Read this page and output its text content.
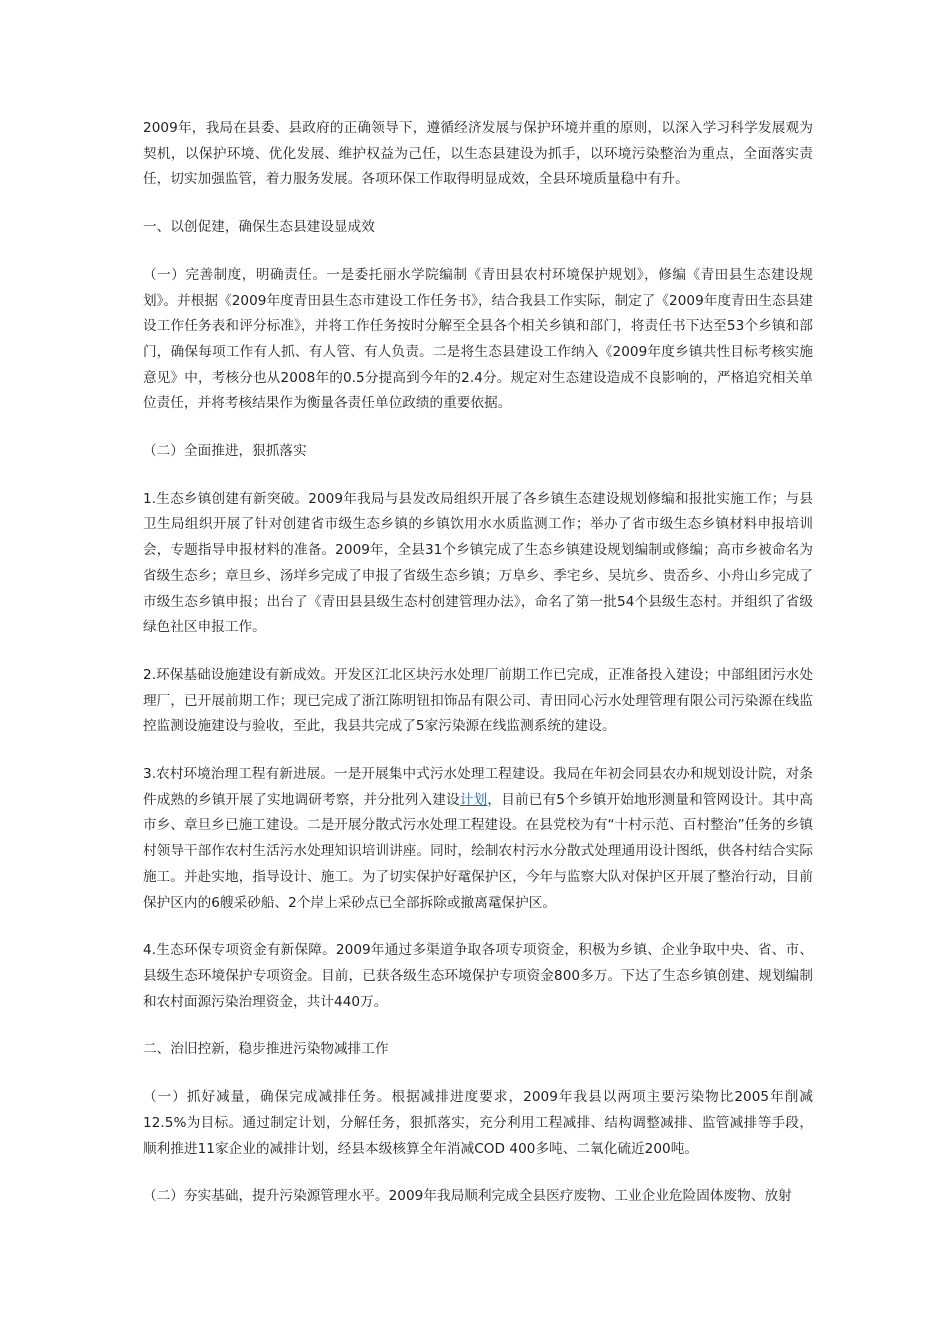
2009年，我局在县委、县政府的正确领导下，遵循经济发展与保护环境并重的原则，以深入学习科学发展观为契机，以保护环境、优化发展、维护权益为己任，以生态县建设为抓手，以环境污染整治为重点，全面落实责任，切实加强监管，着力服务发展。各项环保工作取得明显成效，全县环境质量稳中有升。

一、以创促建，确保生态县建设显成效

（一）完善制度，明确责任。一是委托丽水学院编制《青田县农村环境保护规划》，修编《青田县生态建设规划》。并根据《2009年度青田县生态市建设工作任务书》，结合我县工作实际，制定了《2009年度青田生态县建设工作任务表和评分标准》，并将工作任务按时分解至全县各个相关乡镇和部门，将责任书下达至53个乡镇和部门，确保每项工作有人抓、有人管、有人负责。二是将生态县建设工作纳入《2009年度乡镇共性目标考核实施意见》中，考核分也从2008年的0.5分提高到今年的2.4分。规定对生态建设造成不良影响的，严格追究相关单位责任，并将考核结果作为衡量各责任单位政绩的重要依据。

（二）全面推进，狠抓落实

1.生态乡镇创建有新突破。2009年我局与县发改局组织开展了各乡镇生态建设规划修编和报批实施工作；与县卫生局组织开展了针对创建省市级生态乡镇的乡镇饮用水水质监测工作；举办了省市级生态乡镇材料申报培训会，专题指导申报材料的准备。2009年，全县31个乡镇完成了生态乡镇建设规划编制或修编；高市乡被命名为省级生态乡；章旦乡、汤垟乡完成了申报了省级生态乡镇；万阜乡、季宅乡、吴坑乡、贵岙乡、小舟山乡完成了市级生态乡镇申报；出台了《青田县县级生态村创建管理办法》，命名了第一批54个县级生态村。并组织了省级绿色社区申报工作。

2.环保基础设施建设有新成效。开发区江北区块污水处理厂前期工作已完成，正准备投入建设；中部组团污水处理厂，已开展前期工作；现已完成了浙江陈明钮扣饰品有限公司、青田同心污水处理管理有限公司污染源在线监控监测设施建设与验收，至此，我县共完成了5家污染源在线监测系统的建设。

3.农村环境治理工程有新进展。一是开展集中式污水处理工程建设。我局在年初会同县农办和规划设计院，对条件成熟的乡镇开展了实地调研考察，并分批列入建设计划，目前已有5个乡镇开始地形测量和管网设计。其中高市乡、章旦乡已施工建设。二是开展分散式污水处理工程建设。在县党校为有“十村示范、百村整治”任务的乡镇村领导干部作农村生活污水处理知识培训讲座。同时，绘制农村污水分散式处理通用设计图纸，供各村结合实际施工。并赴实地，指导设计、施工。为了切实保护好鼋保护区，今年与监察大队对保护区开展了整治行动，目前保护区内的6艘采砂船、2个岸上采砂点已全部拆除或撤离鼋保护区。

4.生态环保专项资金有新保障。2009年通过多渠道争取各项专项资金，积极为乡镇、企业争取中央、省、市、县级生态环境保护专项资金。目前，已获各级生态环境保护专项资金800多万。下达了生态乡镇创建、规划编制和农村面源污染治理资金，共计440万。

二、治旧控新，稳步推进污染物减排工作

（一）抓好减量，确保完成减排任务。根据减排进度要求，2009年我县以两项主要污染物比2005年削减12.5%为目标。通过制定计划，分解任务，狠抓落实，充分利用工程减排、结构调整减排、监管减排等手段，顺利推进11家企业的减排计划，经县本级核算全年消减COD 400多吨、二氧化硫近200吨。

（二）夯实基础，提升污染源管理水平。2009年我局顺利完成全县医疗废物、工业企业危险固体废物、放射
